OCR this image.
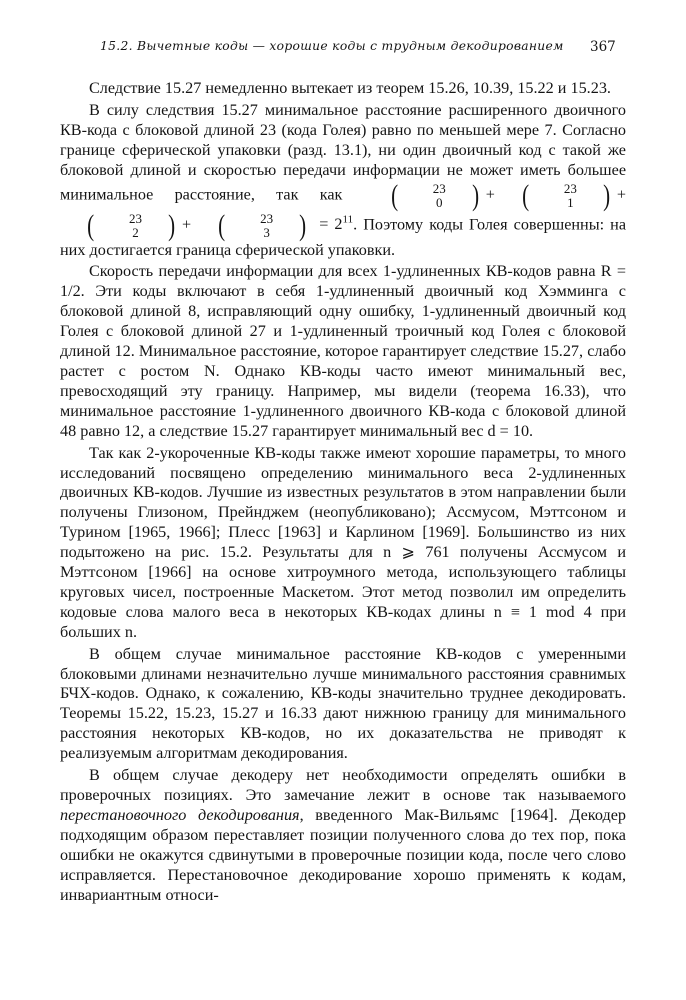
15.2. Вычетные коды — хорошие коды с трудным декодированием	367

Следствие 15.27 немедленно вытекает из теорем 15.26, 10.39, 15.22 и 15.23.

В силу следствия 15.27 минимальное расстояние расширенного двоичного КВ-кода с блоковой длиной 23 (кода Голея) равно по меньшей мере 7. Согласно границе сферической упаковки (разд. 13.1), ни один двоичный код с такой же блоковой длиной и скоростью передачи информации не может иметь большее минимальное расстояние, так как	(	23
0 ) + (	23
1 ) +
(	23
2 ) + (	23
3 ) = $2^{11}$. Поэтому коды Голея совершенны: на них достигается граница сферической упаковки.

Скорость передачи информации для всех 1-удлиненных КВ-кодов равна R = 1/2. Эти коды включают в себя 1-удлиненный двоичный код Хэмминга с блоковой длиной 8, исправляющий одну ошибку, 1-удлиненный двоичный код Голея с блоковой длиной 27 и 1-удлиненный троичный код Голея с блоковой длиной 12. Минимальное расстояние, которое гарантирует следствие 15.27, слабо растет с ростом N. Однако КВ-коды часто имеют минимальный вес, превосходящий эту границу. Например, мы видели (теорема 16.33), что минимальное расстояние 1-удлиненного двоичного КВ-кода с блоковой длиной 48 равно 12, а следствие 15.27 гарантирует минимальный вес d = 10.

Так как 2-укороченные КВ-коды также имеют хорошие параметры, то много исследований посвящено определению минимального веса 2-удлиненных двоичных КВ-кодов. Лучшие из известных результатов в этом направлении были получены Глизоном, Прейнджем (неопубликовано); Ассмусом, Мэттсоном и Турином [1965, 1966]; Плесс [1963] и Карлином [1969]. Большинство из них подытожено на рис. 15.2. Результаты для n ⩾ 761 получены Ассмусом и Мэттсоном [1966] на основе хитроумного метода, использующего таблицы круговых чисел, построенные Маскетом. Этот метод позволил им определить кодовые слова малого веса в некоторых КВ-кодах длины n ≡ 1 mod 4 при больших n.

В общем случае минимальное расстояние КВ-кодов с умеренными блоковыми длинами незначительно лучше минимального расстояния сравнимых БЧХ-кодов. Однако, к сожалению, КВ-коды значительно труднее декодировать. Теоремы 15.22, 15.23, 15.27 и 16.33 дают нижнюю границу для минимального расстояния некоторых КВ-кодов, но их доказательства не приводят к реализуемым алгоритмам декодирования.

В общем случае декодеру нет необходимости определять ошибки в проверочных позициях. Это замечание лежит в основе так называемого перестановочного декодирования, введенного Мак-Вильямс [1964]. Декодер подходящим образом переставляет позиции полученного слова до тех пор, пока ошибки не окажутся сдвинутыми в проверочные позиции кода, после чего слово исправляется. Перестановочное декодирование хорошо применять к кодам, инвариантным относи-
